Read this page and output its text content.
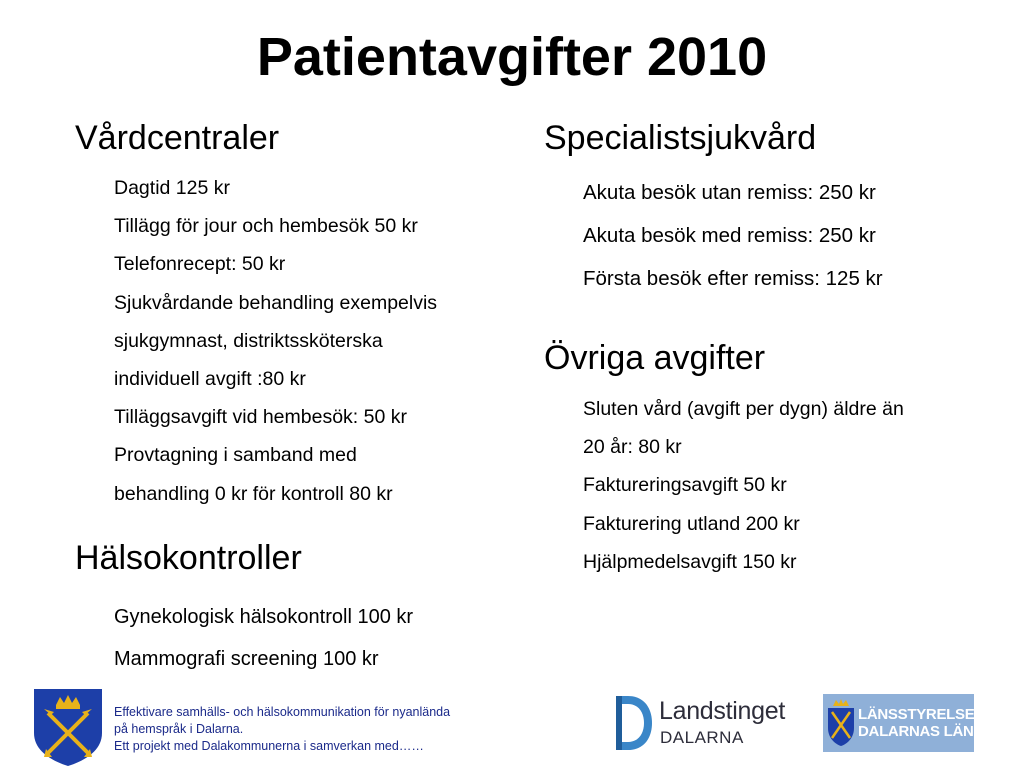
Patientavgifter 2010
Vårdcentraler
Dagtid 125 kr
Tillägg för jour och hembesök 50 kr
Telefonrecept: 50 kr
Sjukvårdande behandling exempelvis
sjukgymnast, distriktssköterska
individuell avgift :80 kr
Tilläggsavgift vid hembesök: 50 kr
Provtagning i samband med
behandling 0 kr för kontroll 80 kr
Hälsokontroller
Gynekologisk hälsokontroll 100 kr
Mammografi screening 100 kr
Specialistsjukvård
Akuta besök utan remiss: 250 kr
Akuta besök med remiss: 250 kr
Första besök efter remiss: 125 kr
Övriga avgifter
Sluten vård (avgift per dygn) äldre än
20 år: 80 kr
Faktureringsavgift 50 kr
Fakturering utland 200 kr
Hjälpmedelsavgift 150 kr
Effektivare samhälls- och hälsokommunikation för nyanlända
på hemspråk i Dalarna.
Ett projekt med Dalakommunerna i samverkan med……
Landstinget
DALARNA
LÄNSSTYRELSEN
DALARNAS LÄN
